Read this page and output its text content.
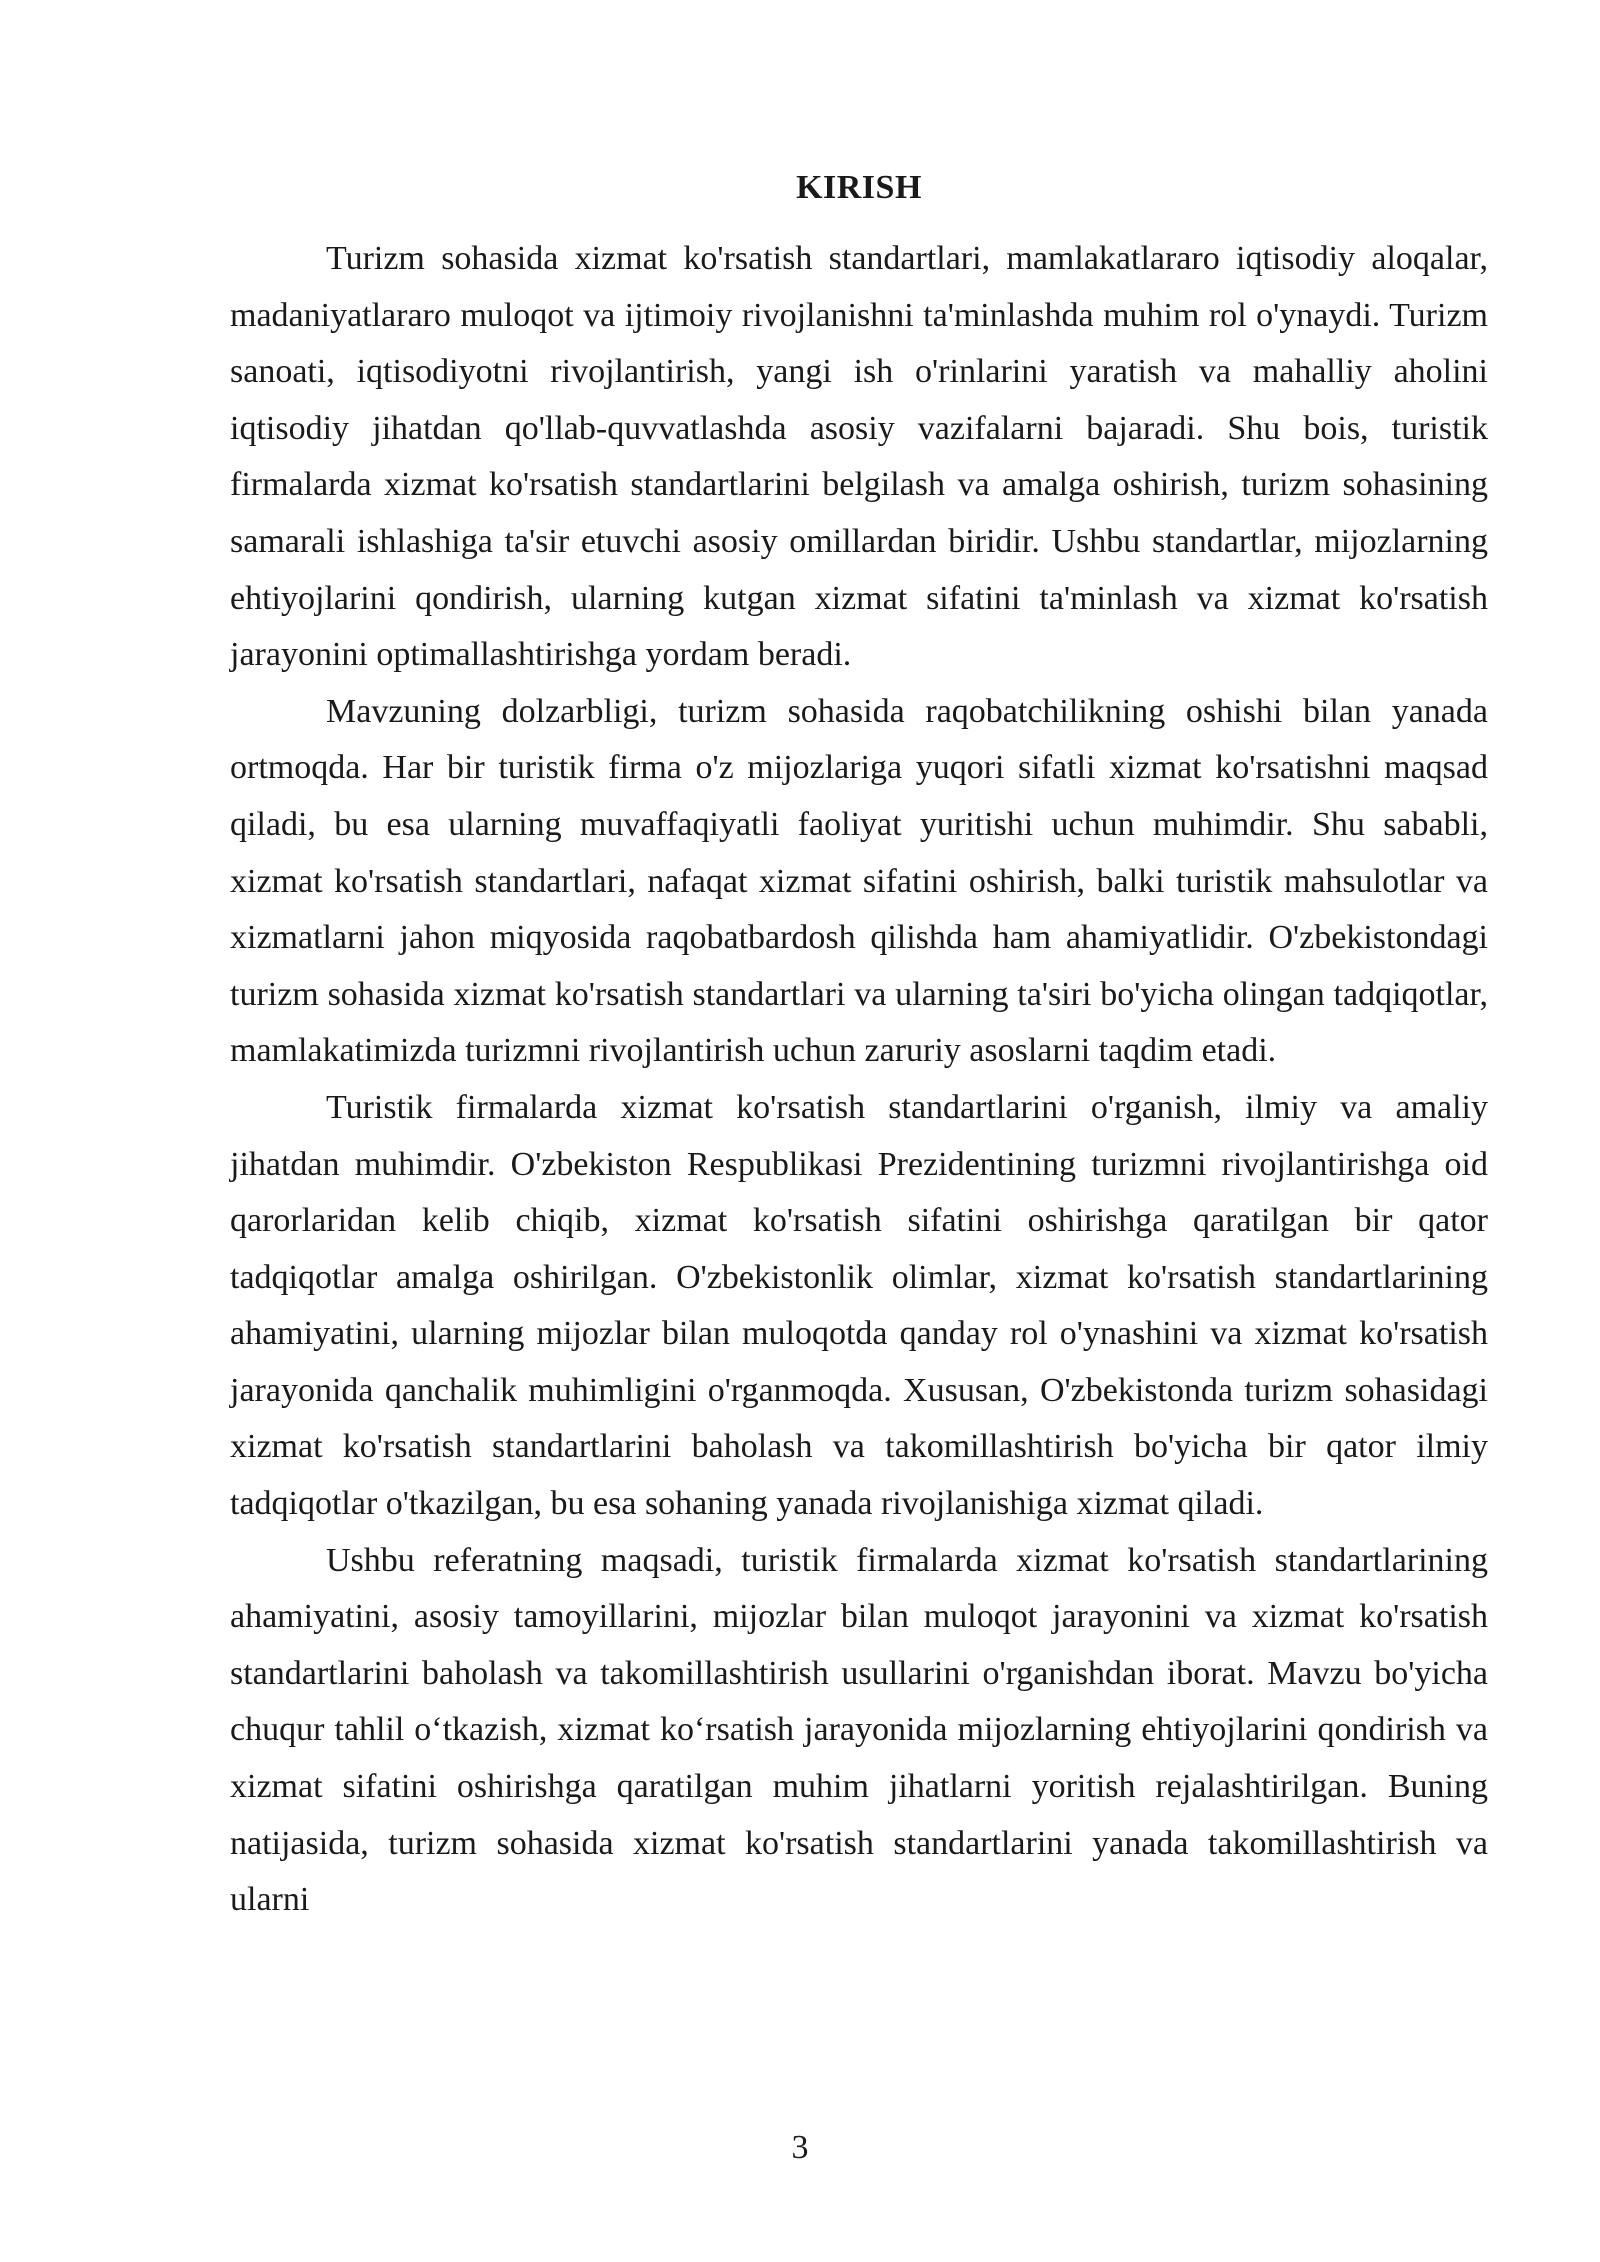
KIRISH

Turizm sohasida xizmat ko'rsatish standartlari, mamlakatlararo iqtisodiy aloqalar, madaniyatlararo muloqot va ijtimoiy rivojlanishni ta'minlashda muhim rol o'ynaydi. Turizm sanoati, iqtisodiyotni rivojlantirish, yangi ish o'rinlarini yaratish va mahalliy aholini iqtisodiy jihatdan qo'llab-quvvatlashda asosiy vazifalarni bajaradi. Shu bois, turistik firmalarda xizmat ko'rsatish standartlarini belgilash va amalga oshirish, turizm sohasining samarali ishlashiga ta'sir etuvchi asosiy omillardan biridir. Ushbu standartlar, mijozlarning ehtiyojlarini qondirish, ularning kutgan xizmat sifatini ta'minlash va xizmat ko'rsatish jarayonini optimallashtirishga yordam beradi.

Mavzuning dolzarbligi, turizm sohasida raqobatchilikning oshishi bilan yanada ortmoqda. Har bir turistik firma o'z mijozlariga yuqori sifatli xizmat ko'rsatishni maqsad qiladi, bu esa ularning muvaffaqiyatli faoliyat yuritishi uchun muhimdir. Shu sababli, xizmat ko'rsatish standartlari, nafaqat xizmat sifatini oshirish, balki turistik mahsulotlar va xizmatlarni jahon miqyosida raqobatbardosh qilishda ham ahamiyatlidir. O'zbekistondagi turizm sohasida xizmat ko'rsatish standartlari va ularning ta'siri bo'yicha olingan tadqiqotlar, mamlakatimizda turizmni rivojlantirish uchun zaruriy asoslarni taqdim etadi.

Turistik firmalarda xizmat ko'rsatish standartlarini o'rganish, ilmiy va amaliy jihatdan muhimdir. O'zbekiston Respublikasi Prezidentining turizmni rivojlantirishga oid qarorlaridan kelib chiqib, xizmat ko'rsatish sifatini oshirishga qaratilgan bir qator tadqiqotlar amalga oshirilgan. O'zbekistonlik olimlar, xizmat ko'rsatish standartlarining ahamiyatini, ularning mijozlar bilan muloqotda qanday rol o'ynashini va xizmat ko'rsatish jarayonida qanchalik muhimligini o'rganmoqda. Xususan, O'zbekistonda turizm sohasidagi xizmat ko'rsatish standartlarini baholash va takomillashtirish bo'yicha bir qator ilmiy tadqiqotlar o'tkazilgan, bu esa sohaning yanada rivojlanishiga xizmat qiladi.

Ushbu referatning maqsadi, turistik firmalarda xizmat ko'rsatish standartlarining ahamiyatini, asosiy tamoyillarini, mijozlar bilan muloqot jarayonini va xizmat ko'rsatish standartlarini baholash va takomillashtirish usullarini o'rganishdan iborat. Mavzu bo'yicha chuqur tahlil oʻtkazish, xizmat koʻrsatish jarayonida mijozlarning ehtiyojlarini qondirish va xizmat sifatini oshirishga qaratilgan muhim jihatlarni yoritish rejalashtirilgan. Buning natijasida, turizm sohasida xizmat ko'rsatish standartlarini yanada takomillashtirish va ularni

3
